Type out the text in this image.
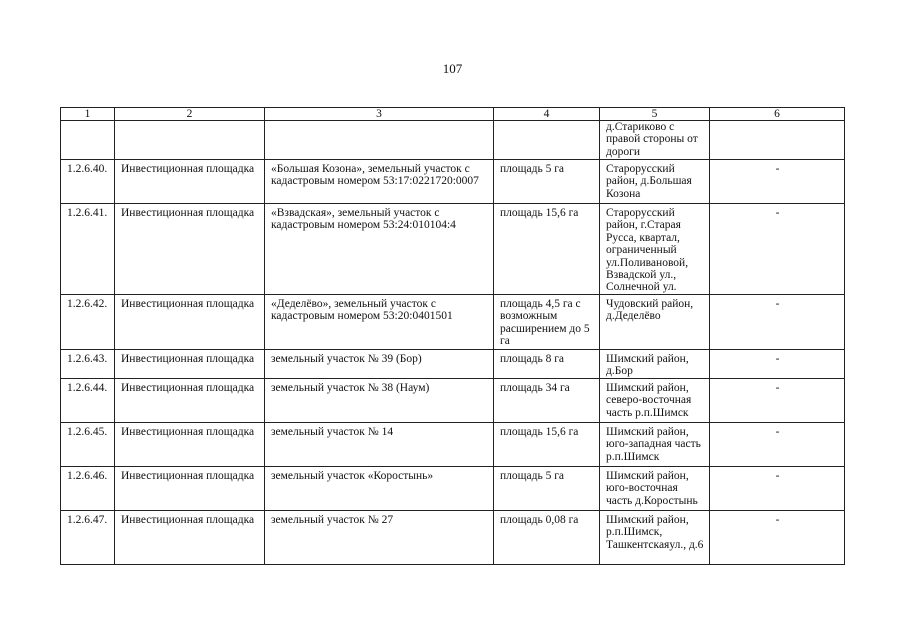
107
1	2	3	4	5	6
				д.Стариково с правой стороны от дороги	
1.2.6.40.	Инвестиционная площадка	«Большая Козона», земельный участок с кадастровым номером 53:17:0221720:0007	площадь 5 га	Старорусский район, д.Большая Козона	-
1.2.6.41.	Инвестиционная площадка	«Взвадская», земельный участок с кадастровым номером 53:24:010104:4	площадь 15,6 га	Старорусский район, г.Старая Русса, квартал, ограниченный ул.Поливановой, Взвадской ул., Солнечной ул.	-
1.2.6.42.	Инвестиционная площадка	«Деделёво», земельный участок с кадастровым номером 53:20:0401501	площадь 4,5 га с возможным расширением до 5 га	Чудовский район, д.Деделёво	-
1.2.6.43.	Инвестиционная площадка	земельный участок № 39 (Бор)	площадь 8 га	Шимский район, д.Бор	-
1.2.6.44.	Инвестиционная площадка	земельный участок № 38 (Наум)	площадь 34 га	Шимский район, северо-восточная часть р.п.Шимск	-
1.2.6.45.	Инвестиционная площадка	земельный участок № 14	площадь 15,6 га	Шимский район, юго-западная часть р.п.Шимск	-
1.2.6.46.	Инвестиционная площадка	земельный участок «Коростынь»	площадь 5 га	Шимский район, юго-восточная часть д.Коростынь	-
1.2.6.47.	Инвестиционная площадка	земельный участок № 27	площадь 0,08 га	Шимский район, р.п.Шимск, Ташкентскаяул., д.6	-
